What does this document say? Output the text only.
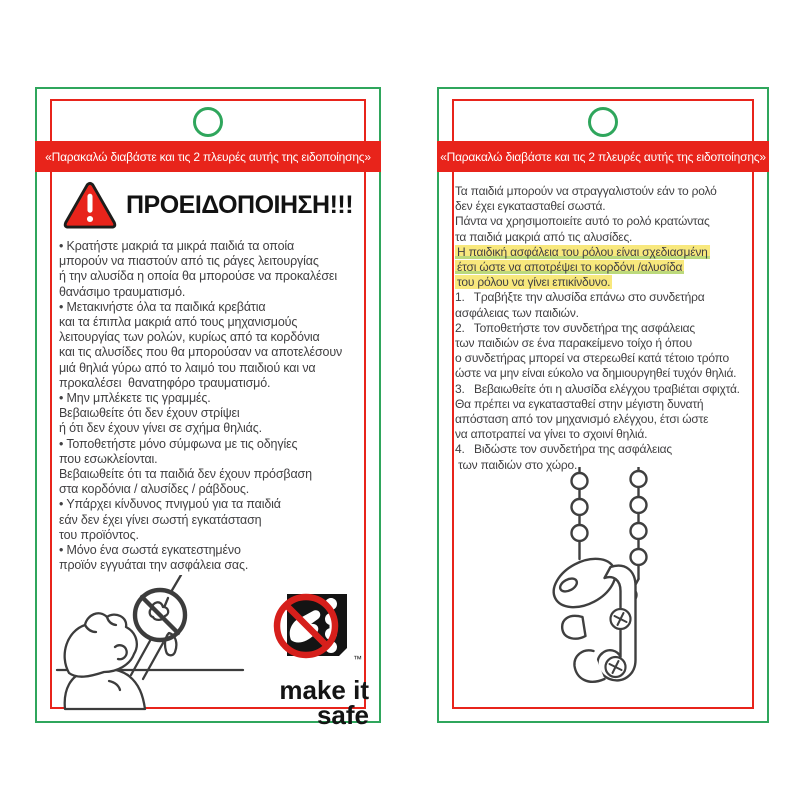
«Παρακαλώ διαβάστε και τις 2 πλευρές αυτής της ειδοποίησης»
ΠΡΟΕΙΔΟΠΟΙΗΣΗ!!!
• Κρατήστε μακριά τα μικρά παιδιά τα οποία
μπορούν να πιαστούν από τις ράγες λειτουργίας
ή την αλυσίδα η οποία θα μπορούσε να προκαλέσει
θανάσιμο τραυματισμό.
• Μετακινήστε όλα τα παιδικά κρεβάτια
και τα έπιπλα μακριά από τους μηχανισμούς
λειτουργίας των ρολών, κυρίως από τα κορδόνια
και τις αλυσίδες που θα μπορούσαν να αποτελέσουν
μιά θηλιά γύρω από το λαιμό του παιδιού και να
προκαλέσει  θανατηφόρο τραυματισμό.
• Μην μπλέκετε τις γραμμές.
Βεβαιωθείτε ότι δεν έχουν στρίψει
ή ότι δεν έχουν γίνει σε σχήμα θηλιάς.
• Τοποθετήστε μόνο σύμφωνα με τις οδηγίες
που εσωκλείονται.
Βεβαιωθείτε ότι τα παιδιά δεν έχουν πρόσβαση
στα κορδόνια / αλυσίδες / ράβδους.
• Υπάρχει κίνδυνος πνιγμού για τα παιδιά
εάν δεν έχει γίνει σωστή εγκατάσταση
του προϊόντος.
• Μόνο ένα σωστά εγκατεστημένο
προϊόν εγγυάται την ασφάλεια σας.
™
make it
safe
«Παρακαλώ διαβάστε και τις 2 πλευρές αυτής της ειδοποίησης»
Τα παιδιά μπορούν να στραγγαλιστούν εάν το ρολό
δεν έχει εγκατασταθεί σωστά.
Πάντα να χρησιμοποιείτε αυτό το ρολό κρατώντας
τα παιδιά μακριά από τις αλυσίδες.
Η παιδική ασφάλεια του ρόλου είναι σχεδιασμένη
έτσι ώστε να αποτρέψει το κορδόνι /αλυσίδα
του ρόλου να γίνει επικίνδυνο.
1.   Τραβήξτε την αλυσίδα επάνω στο συνδετήρα
ασφάλειας των παιδιών.
2.   Τοποθετήστε τον συνδετήρα της ασφάλειας
των παιδιών σε ένα παρακείμενο τοίχο ή όπου
ο συνδετήρας μπορεί να στερεωθεί κατά τέτοιο τρόπο
ώστε να μην είναι εύκολο να δημιουργηθεί τυχόν θηλιά.
3.   Βεβαιωθείτε ότι η αλυσίδα ελέγχου τραβιέται σφιχτά.
Θα πρέπει να εγκατασταθεί στην μέγιστη δυνατή
απόσταση από τον μηχανισμό ελέγχου, έτσι ώστε
να αποτραπεί να γίνει το σχοινί θηλιά.
4.   Βιδώστε τον συνδετήρα της ασφάλειας
των παιδιών στο χώρο.
